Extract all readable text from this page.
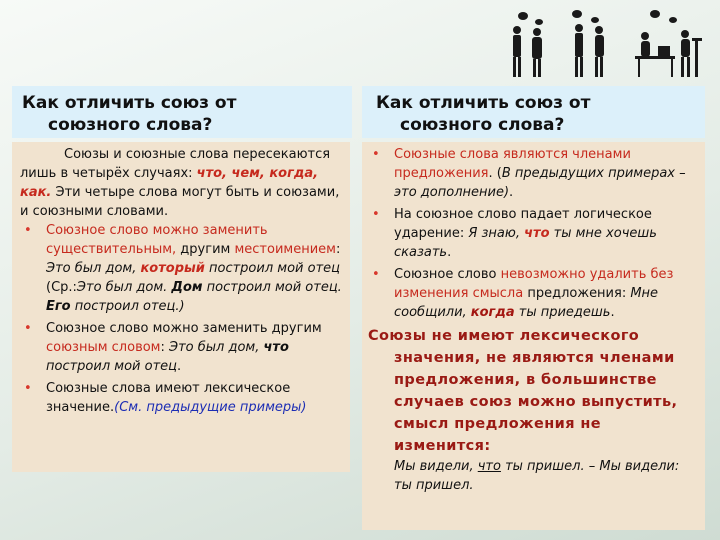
Как отличить союз от
союзного слова?
Как отличить союз от
союзного слова?

Союзы и союзные слова пересекаются лишь в четырёх случаях: что, чем, когда, как. Эти четыре слова могут быть и союзами, и союзными словами.

• Союзное слово можно заменить существительным, другим местоимением: Это был дом, который построил мой отец (Ср.:Это был дом. Дом построил мой отец. Его построил отец.)
• Союзное слово можно заменить другим союзным словом: Это был дом, что построил мой отец.
• Союзные слова имеют лексическое значение.(См. предыдущие примеры)
• Союзные слова являются членами предложения. (В предыдущих примерах – это дополнение).
• На союзное слово падает логическое ударение: Я знаю, что ты мне хочешь сказать.
• Союзное слово невозможно удалить без изменения смысла предложения: Мне сообщили, когда ты приедешь.

Союзы не имеют лексического значения, не являются членами предложения, в большинстве случаев союз можно выпустить, смысл предложения не изменится:

Мы видели, что ты пришел. – Мы видели: ты пришел.
